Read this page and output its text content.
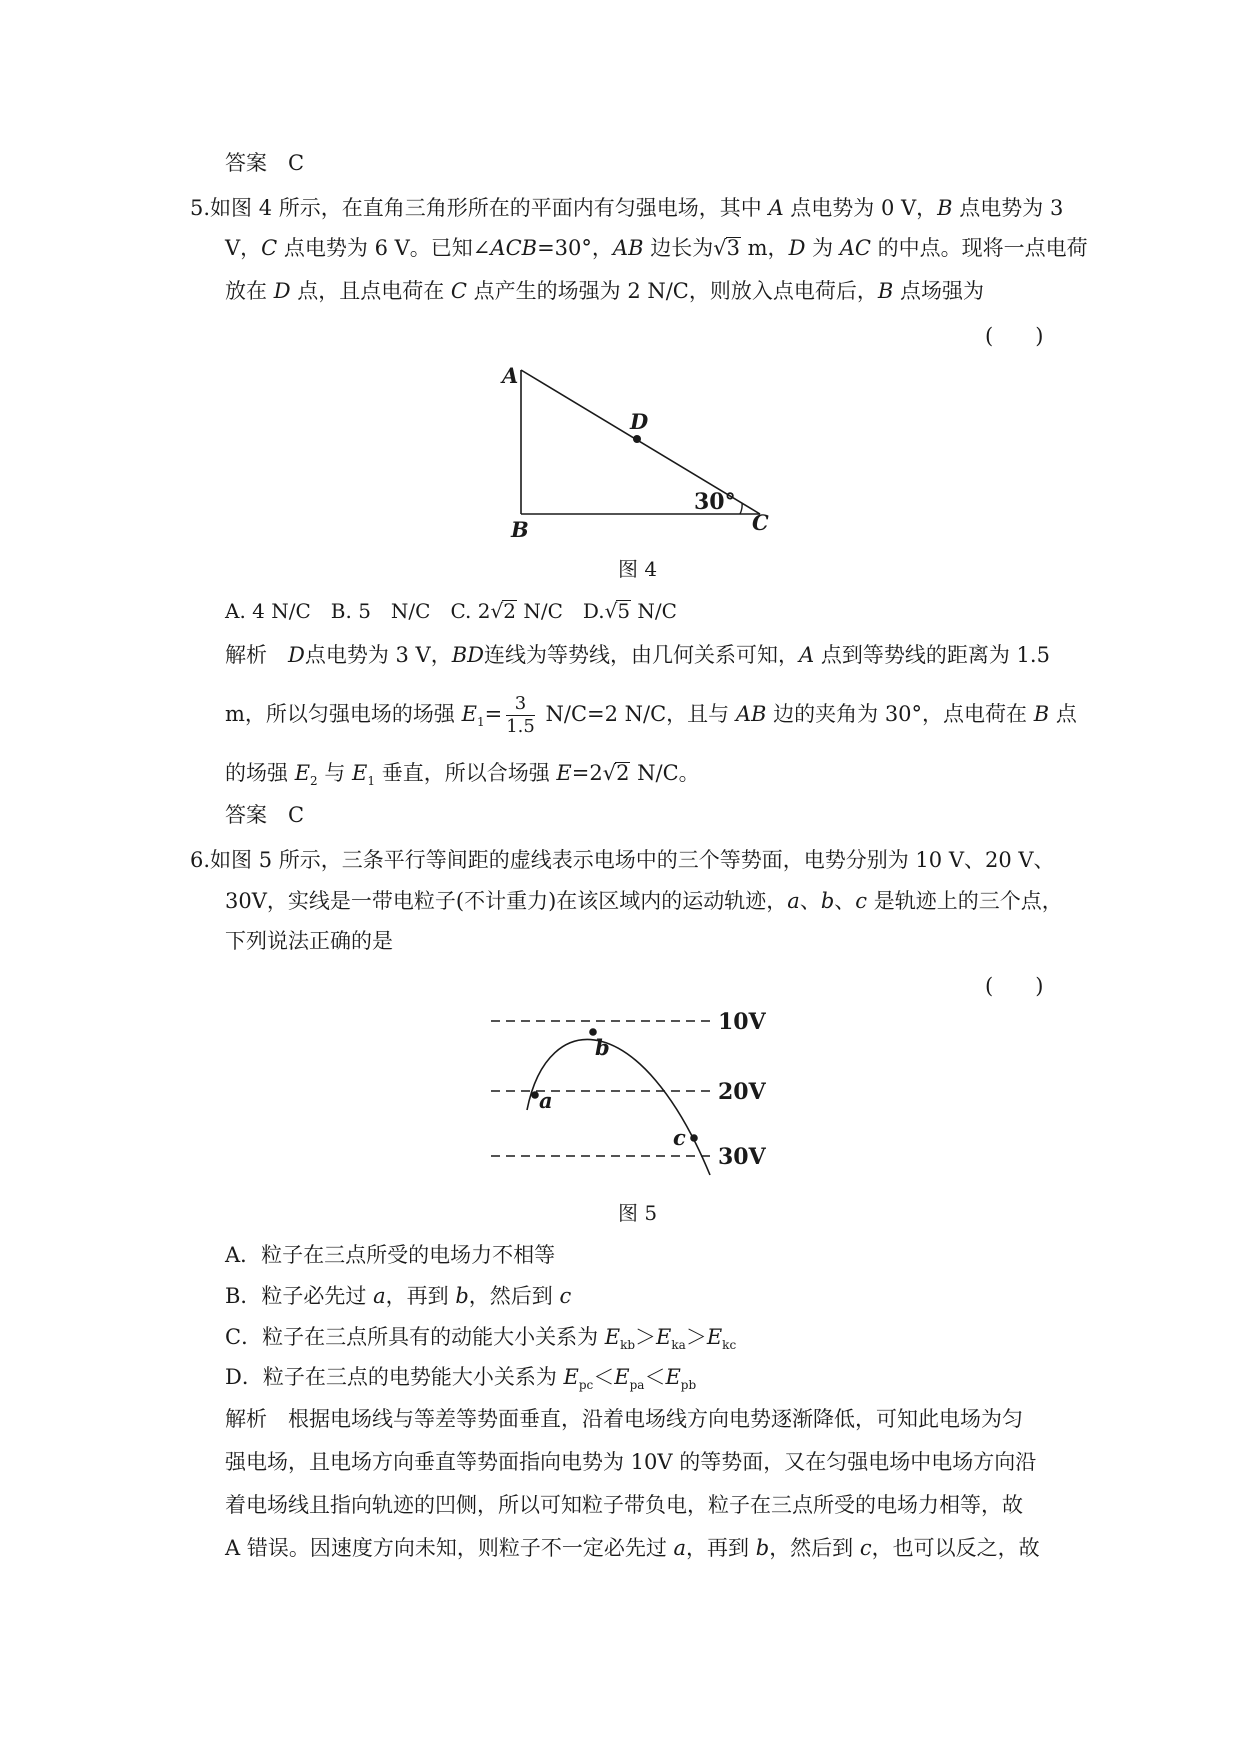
答案　 C
5.如图 4 所示，在直角三角形所在的平面内有匀强电场，其中 A 点电势为 0 V，B 点电势为 3
V，C 点电势为 6 V。已知∠ACB=30°，AB 边长为√3 m，D 为 AC 的中点。现将一点电荷
放在 D 点，且点电荷在 C 点产生的场强为 2 N/C，则放入点电荷后，B 点场强为
(　　)
A
B	C
D
30°
图 4
A. 4 N/C　 B. 5　N/C　 C. 2√2 N/C　 D.√5 N/C
解析　 D点电势为 3 V，BD连线为等势线，由几何关系可知，A 点到等势线的距离为 1.5
m，所以匀强电场的场强 $E_1= \frac{3}{1.5} N/C=2$ N/C，且与 AB 边的夹角为 30°，点电荷在 B 点
的场强 $E_2$ 与 $E_1$ 垂直，所以合场强 E=2√2 N/C。
答案　 C
6.如图 5 所示，三条平行等间距的虚线表示电场中的三个等势面，电势分别为 10 V、20 V、
30V，实线是一带电粒子(不计重力)在该区域内的运动轨迹，a、b、c 是轨迹上的三个点，
下列说法正确的是
(　　)
a
b
c
10V
20V
30V
图 5
A．粒子在三点所受的电场力不相等
B．粒子必先过 a，再到 b，然后到 c
C．粒子在三点所具有的动能大小关系为 $E_{kb}>E_{ka}>E_{kc}$
D．粒子在三点的电势能大小关系为 $E_{pc}<E_{pa}<E_{pb}$
解析　 根据电场线与等差等势面垂直，沿着电场线方向电势逐渐降低，可知此电场为匀
强电场，且电场方向垂直等势面指向电势为 10V 的等势面，又在匀强电场中电场方向沿
着电场线且指向轨迹的凹侧，所以可知粒子带负电，粒子在三点所受的电场力相等，故
A 错误。因速度方向未知，则粒子不一定必先过 a，再到 b，然后到 c，也可以反之，故
